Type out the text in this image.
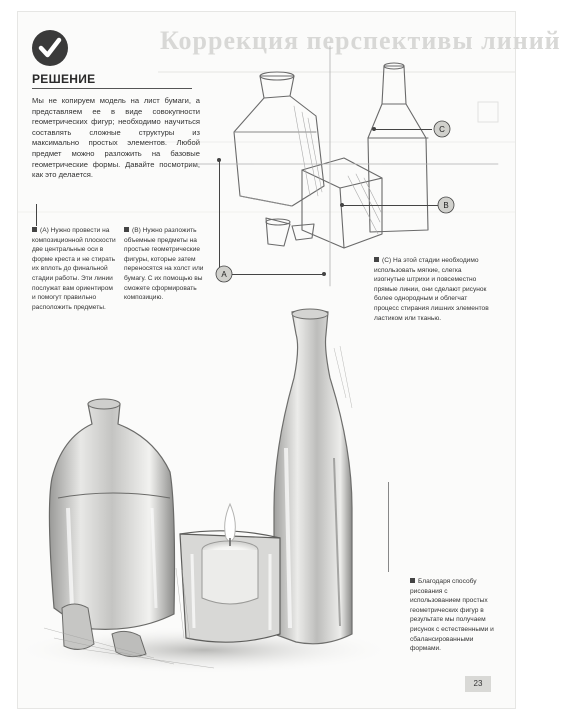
Коррекция перспективы линий
РЕШЕНИЕ
Мы не копируем модель на лист бумаги, а представляем ее в виде совокупности геометрических фигур; необходимо научиться составлять сложные структуры из максимально простых элементов. Любой предмет можно разложить на базовые геометрические формы. Давайте посмотрим, как это делается.
C
B
A
(A) Нужно провести на композиционной плоскости две центральные оси в форме креста и не стирать их вплоть до финальной стадии работы. Эти линии послужат вам ориентиром и помогут правильно расположить предметы.
(B) Нужно разложить объемные предметы на простые геометрические фигуры, которые затем переносятся на холст или бумагу. С их помощью вы сможете сформировать композицию.
(C) На этой стадии необходимо использовать мягкие, слегка изогнутые штрихи и повсеместно прямые линии, они сделают рисунок более однородным и облегчат процесс стирания лишних элементов ластиком или тканью.
Благодаря способу рисования с использованием простых геометрических фигур в результате мы получаем рисунок с естественными и сбалансированными формами.
23
